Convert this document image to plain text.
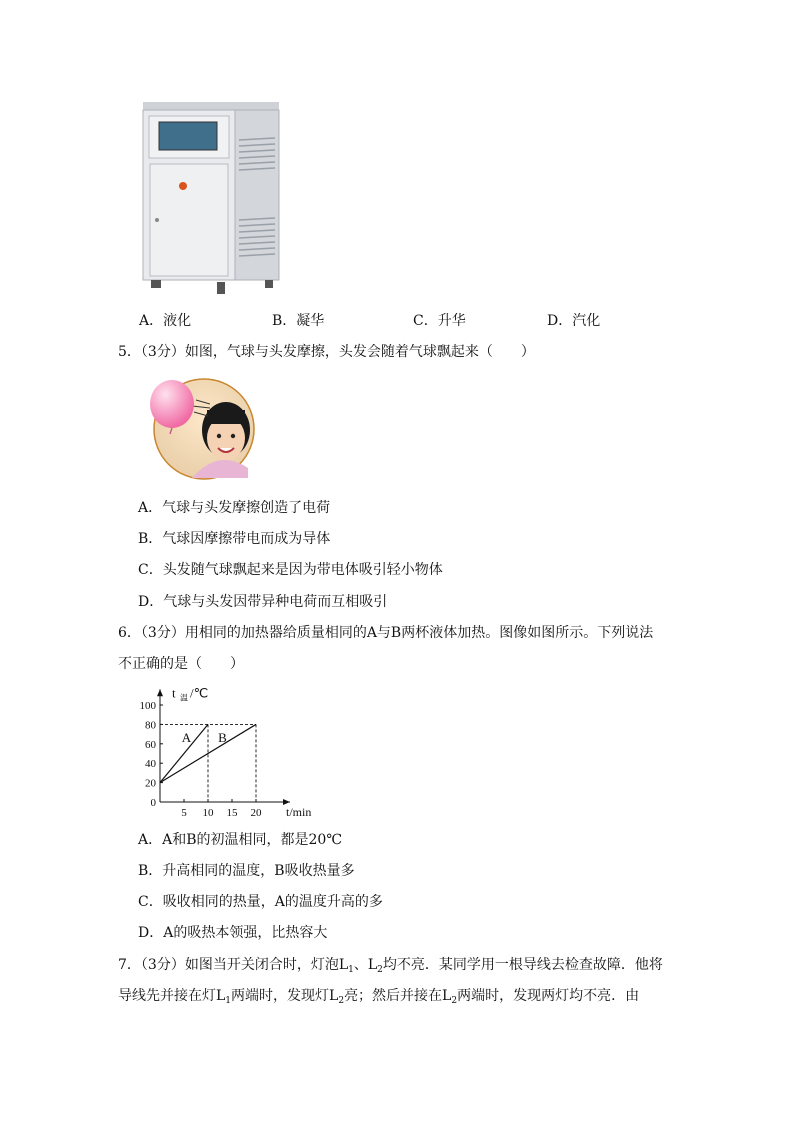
A．液化	B．凝华	C．升华	D．汽化
5．（3分）如图，气球与头发摩擦，头发会随着气球飘起来（　　）
A．气球与头发摩擦创造了电荷
B．气球因摩擦带电而成为导体
C．头发随气球飘起来是因为带电体吸引轻小物体
D．气球与头发因带异种电荷而互相吸引
6．（3分）用相同的加热器给质量相同的A与B两杯液体加热。图像如图所示。下列说法
不正确的是（　　）
0
20
40
60
80
100
5 10 15 20
A B
t 温 /℃
t/min
A．A和B的初温相同，都是20℃
B．升高相同的温度，B吸收热量多
C．吸收相同的热量，A的温度升高的多
D．A的吸热本领强，比热容大
7．（3分）如图当开关闭合时，灯泡$L_1$、$L_2$均不亮．某同学用一根导线去检查故障．他将
导线先并接在灯$L_1$两端时，发现灯$L_2$亮；然后并接在$L_2$两端时，发现两灯均不亮．由
